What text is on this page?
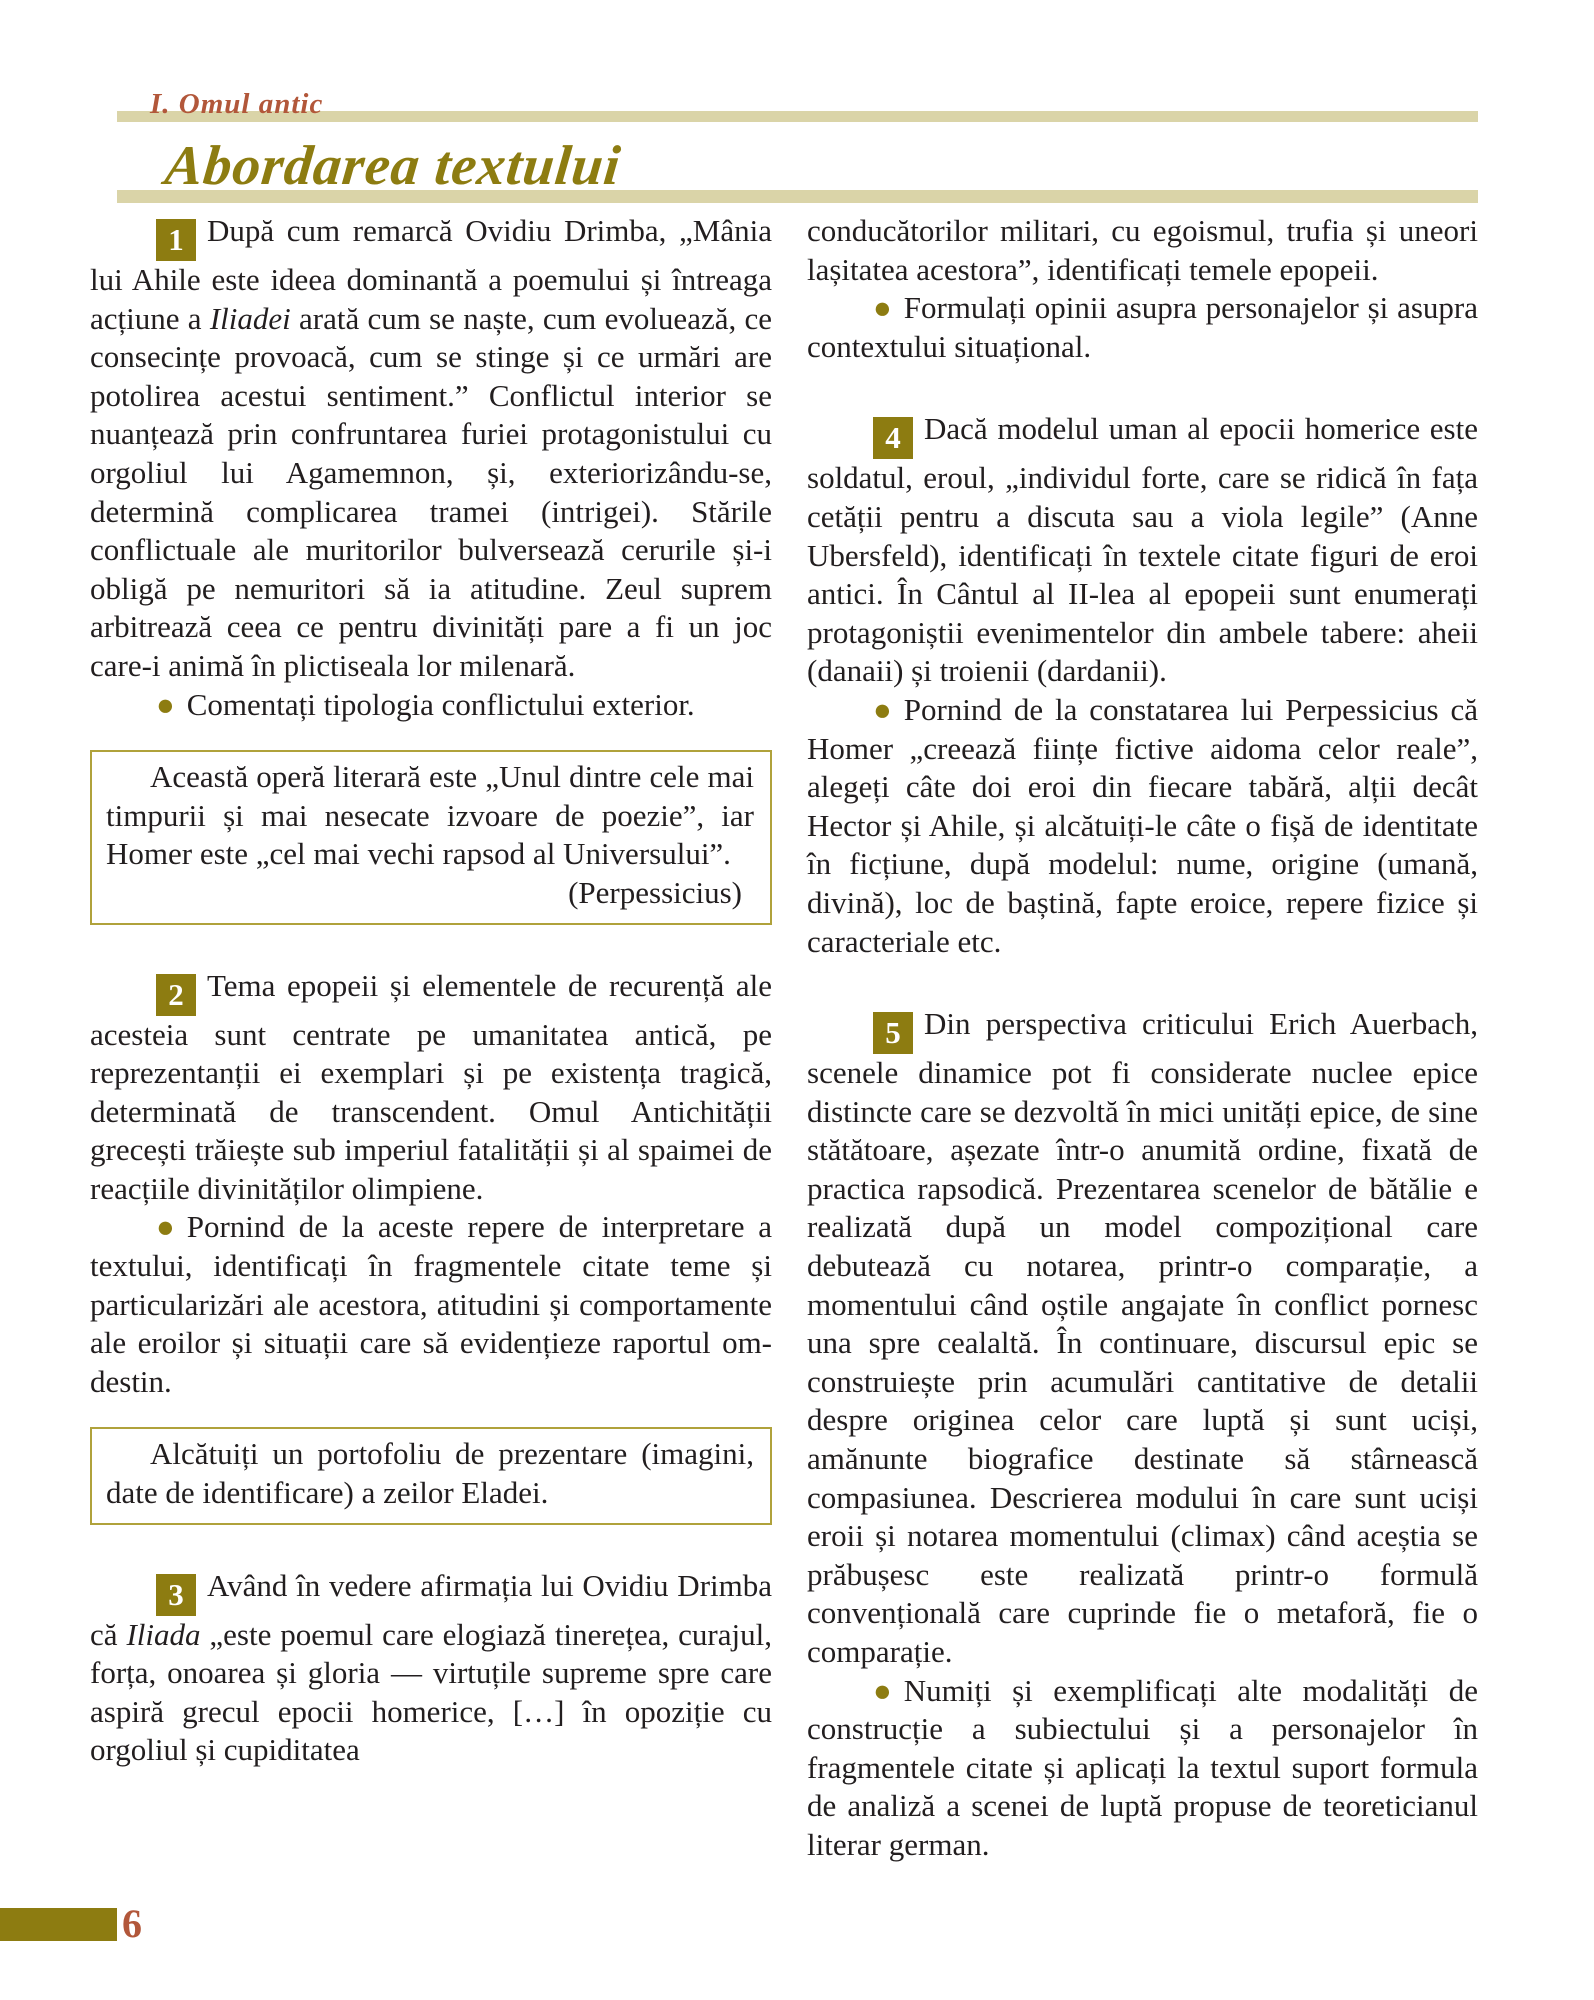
I. Omul antic
Abordarea textului

1 După cum remarcă Ovidiu Drimba, „Mânia lui Ahile este ideea dominantă a poemului și întreaga acțiune a Iliadei arată cum se naște, cum evoluează, ce consecințe provoacă, cum se stinge și ce urmări are potolirea acestui sentiment.” Conflictul interior se nuanțează prin confruntarea furiei protagonistului cu orgoliul lui Agamemnon, și, exteriorizându-se, determină complicarea tramei (intrigei). Stările conflictuale ale muritorilor bulversează cerurile și-i obligă pe nemuritori să ia atitudine. Zeul suprem arbitrează ceea ce pentru divinități pare a fi un joc care-i animă în plictiseala lor milenară.

● Comentați tipologia conflictului exterior.

Această operă literară este „Unul dintre cele mai timpurii și mai nesecate izvoare de poezie”, iar Homer este „cel mai vechi rapsod al Universului”.

(Perpessicius)

2 Tema epopeii și elementele de recurență ale acesteia sunt centrate pe umanitatea antică, pe reprezentanții ei exemplari și pe existența tragică, determinată de transcendent. Omul Antichității grecești trăiește sub imperiul fatalității și al spaimei de reacțiile divinităților olimpiene.

● Pornind de la aceste repere de interpretare a textului, identificați în fragmentele citate teme și particularizări ale acestora, atitudini și comportamente ale eroilor și situații care să evidențieze raportul om-destin.

Alcătuiți un portofoliu de prezentare (imagini, date de identificare) a zeilor Eladei.

3 Având în vedere afirmația lui Ovidiu Drimba că Iliada „este poemul care elogiază tinerețea, curajul, forța, onoarea și gloria — virtuțile supreme spre care aspiră grecul epocii homerice, […] în opoziție cu orgoliul și cupiditatea

conducătorilor militari, cu egoismul, trufia și uneori lașitatea acestora”, identificați temele epopeii.

● Formulați opinii asupra personajelor și asupra contextului situațional.

4 Dacă modelul uman al epocii homerice este soldatul, eroul, „individul forte, care se ridică în fața cetății pentru a discuta sau a viola legile” (Anne Ubersfeld), identificați în textele citate figuri de eroi antici. În Cântul al II-lea al epopeii sunt enumerați protagoniștii evenimentelor din ambele tabere: aheii (danaii) și troienii (dardanii).

● Pornind de la constatarea lui Perpessicius că Homer „creează ființe fictive aidoma celor reale”, alegeți câte doi eroi din fiecare tabără, alții decât Hector și Ahile, și alcătuiți-le câte o fișă de identitate în ficțiune, după modelul: nume, origine (umană, divină), loc de baștină, fapte eroice, repere fizice și caracteriale etc.

5 Din perspectiva criticului Erich Auerbach, scenele dinamice pot fi considerate nuclee epice distincte care se dezvoltă în mici unități epice, de sine stătătoare, așezate într-o anumită ordine, fixată de practica rapsodică. Prezentarea scenelor de bătălie e realizată după un model compozițional care debutează cu notarea, printr-o comparație, a momentului când oștile angajate în conflict pornesc una spre cealaltă. În continuare, discursul epic se construiește prin acumulări cantitative de detalii despre originea celor care luptă și sunt uciși, amănunte biografice destinate să stârnească compasiunea. Descrierea modului în care sunt uciși eroii și notarea momentului (climax) când aceștia se prăbușesc este realizată printr-o formulă convențională care cuprinde fie o metaforă, fie o comparație.

● Numiți și exemplificați alte modalități de construcție a subiectului și a personajelor în fragmentele citate și aplicați la textul suport formula de analiză a scenei de luptă propuse de teoreticianul literar german.

6
